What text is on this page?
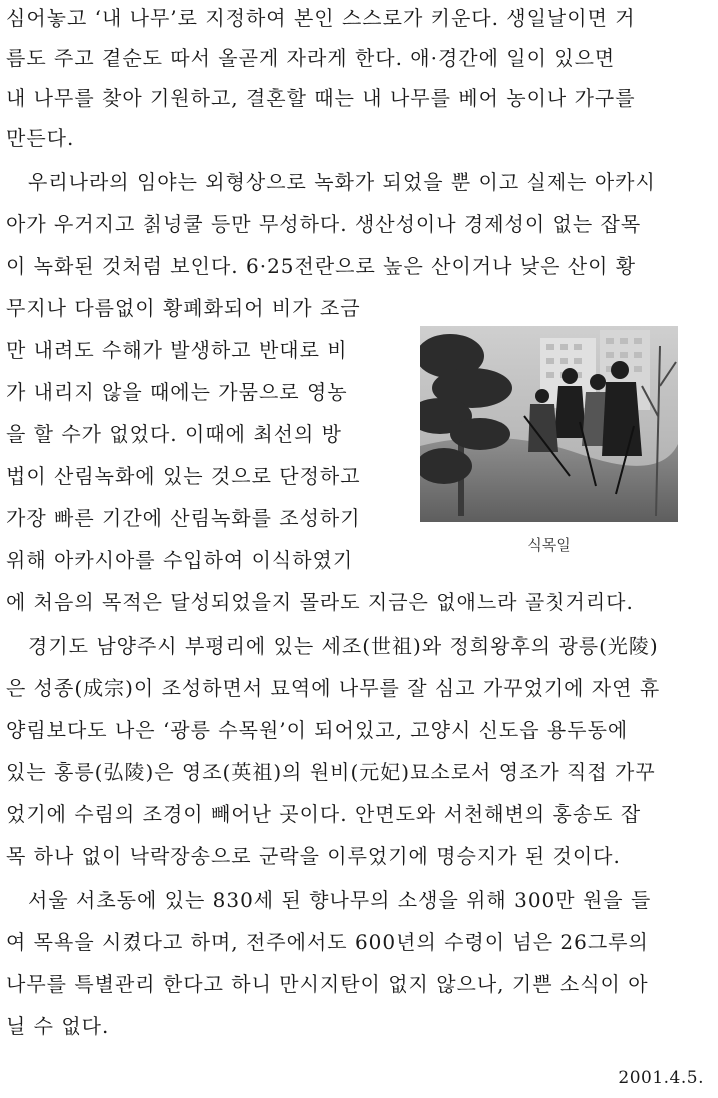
심어놓고 ‘내 나무’로 지정하여 본인 스스로가 키운다. 생일날이면 거
름도 주고 곁순도 따서 올곧게 자라게 한다. 애·경간에 일이 있으면
내 나무를 찾아 기원하고, 결혼할 때는 내 나무를 베어 농이나 가구를
만든다.
우리나라의 임야는 외형상으로 녹화가 되었을 뿐 이고 실제는 아카시
아가 우거지고 칡넝쿨 등만 무성하다. 생산성이나 경제성이 없는 잡목
이 녹화된 것처럼 보인다. 6·25전란으로 높은 산이거나 낮은 산이 황
무지나 다름없이 황폐화되어 비가 조금
만 내려도 수해가 발생하고 반대로 비
가 내리지 않을 때에는 가뭄으로 영농
을 할 수가 없었다. 이때에 최선의 방
법이 산림녹화에 있는 것으로 단정하고
가장 빠른 기간에 산림녹화를 조성하기
위해 아카시아를 수입하여 이식하였기
에 처음의 목적은 달성되었을지 몰라도 지금은 없애느라 골칫거리다.
식목일
경기도 남양주시 부평리에 있는 세조(世祖)와 정희왕후의 광릉(光陵)
은 성종(成宗)이 조성하면서 묘역에 나무를 잘 심고 가꾸었기에 자연 휴
양림보다도 나은 ‘광릉 수목원’이 되어있고, 고양시 신도읍 용두동에
있는 홍릉(弘陵)은 영조(英祖)의 원비(元妃)묘소로서 영조가 직접 가꾸
었기에 수림의 조경이 빼어난 곳이다. 안면도와 서천해변의 홍송도 잡
목 하나 없이 낙락장송으로 군락을 이루었기에 명승지가 된 것이다.
서울 서초동에 있는 830세 된 향나무의 소생을 위해 300만 원을 들
여 목욕을 시켰다고 하며, 전주에서도 600년의 수령이 넘은 26그루의
나무를 특별관리 한다고 하니 만시지탄이 없지 않으나, 기쁜 소식이 아
닐 수 없다.
2001.4.5.
